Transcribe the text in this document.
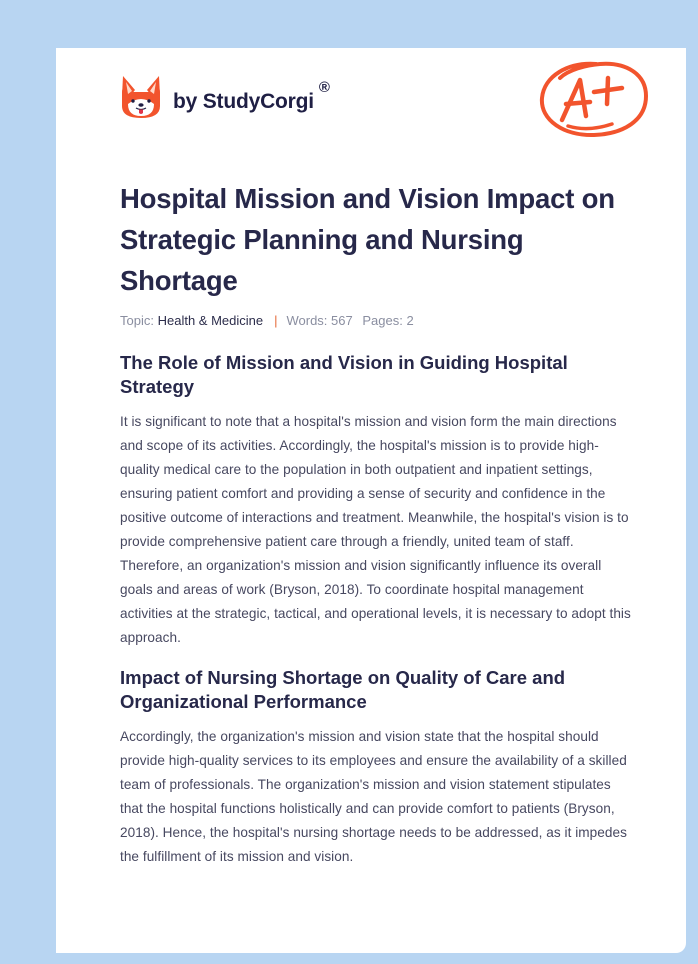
by StudyCorgi
®
Hospital Mission and Vision Impact on Strategic Planning and Nursing Shortage
Topic: Health & Medicine | Words: 567 Pages: 2
The Role of Mission and Vision in Guiding Hospital Strategy

It is significant to note that a hospital's mission and vision form the main directions and scope of its activities. Accordingly, the hospital's mission is to provide high-quality medical care to the population in both outpatient and inpatient settings, ensuring patient comfort and providing a sense of security and confidence in the positive outcome of interactions and treatment. Meanwhile, the hospital's vision is to provide comprehensive patient care through a friendly, united team of staff. Therefore, an organization's mission and vision significantly influence its overall goals and areas of work (Bryson, 2018). To coordinate hospital management activities at the strategic, tactical, and operational levels, it is necessary to adopt this approach.

Impact of Nursing Shortage on Quality of Care and Organizational Performance

Accordingly, the organization's mission and vision state that the hospital should provide high-quality services to its employees and ensure the availability of a skilled team of professionals. The organization's mission and vision statement stipulates that the hospital functions holistically and can provide comfort to patients (Bryson, 2018). Hence, the hospital's nursing shortage needs to be addressed, as it impedes the fulfillment of its mission and vision.
